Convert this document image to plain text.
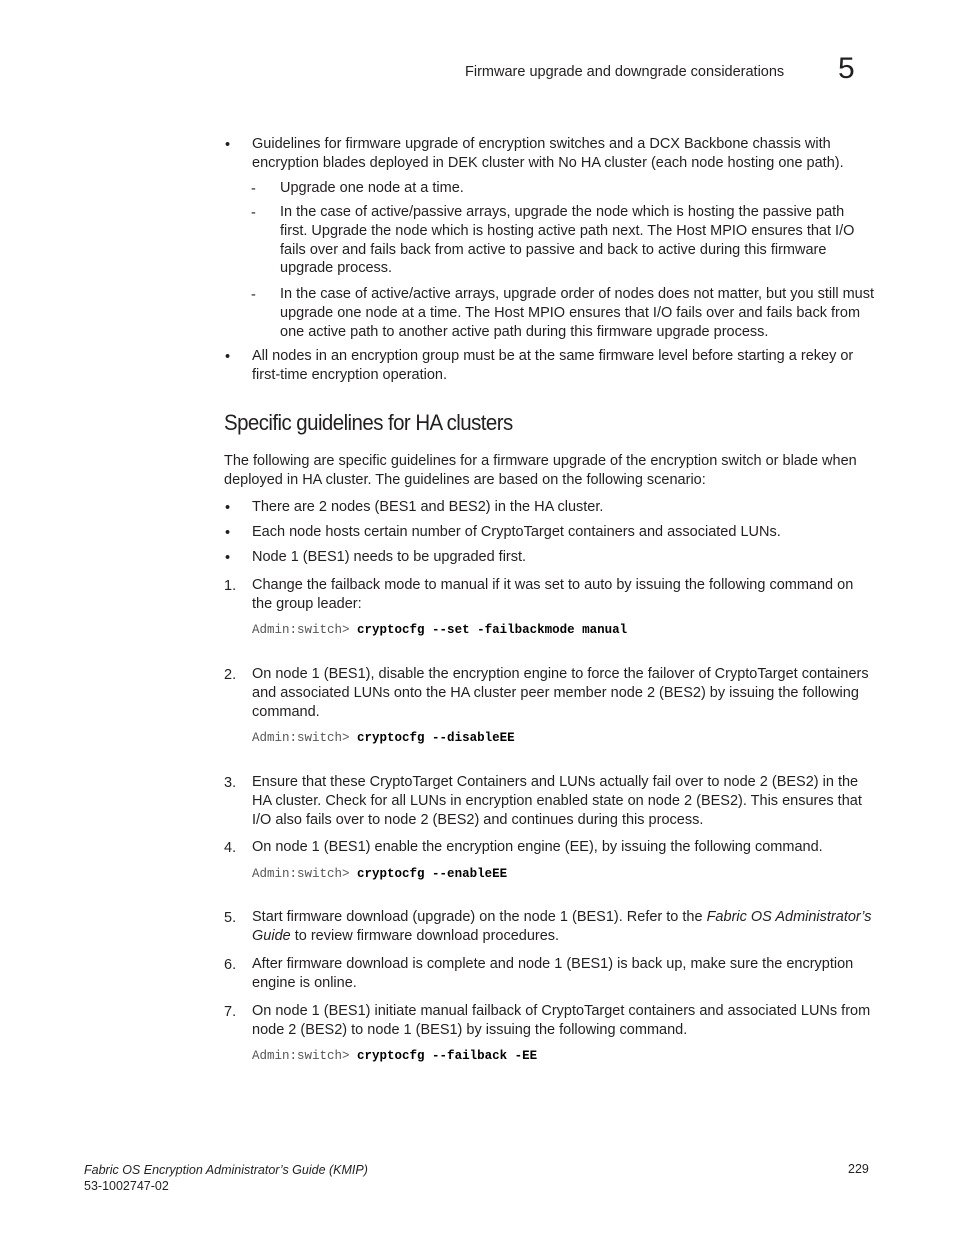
Firmware upgrade and downgrade considerations 5
• Guidelines for firmware upgrade of encryption switches and a DCX Backbone chassis with encryption blades deployed in DEK cluster with No HA cluster (each node hosting one path).
- Upgrade one node at a time.
- In the case of active/passive arrays, upgrade the node which is hosting the passive path first. Upgrade the node which is hosting active path next. The Host MPIO ensures that I/O fails over and fails back from active to passive and back to active during this firmware upgrade process.
- In the case of active/active arrays, upgrade order of nodes does not matter, but you still must upgrade one node at a time. The Host MPIO ensures that I/O fails over and fails back from one active path to another active path during this firmware upgrade process.
• All nodes in an encryption group must be at the same firmware level before starting a rekey or first-time encryption operation.
Specific guidelines for HA clusters
The following are specific guidelines for a firmware upgrade of the encryption switch or blade when deployed in HA cluster. The guidelines are based on the following scenario:
• There are 2 nodes (BES1 and BES2) in the HA cluster.
• Each node hosts certain number of CryptoTarget containers and associated LUNs.
• Node 1 (BES1) needs to be upgraded first.
1. Change the failback mode to manual if it was set to auto by issuing the following command on the group leader:
Admin:switch> cryptocfg --set -failbackmode manual
2. On node 1 (BES1), disable the encryption engine to force the failover of CryptoTarget containers and associated LUNs onto the HA cluster peer member node 2 (BES2) by issuing the following command.
Admin:switch> cryptocfg --disableEE
3. Ensure that these CryptoTarget Containers and LUNs actually fail over to node 2 (BES2) in the HA cluster. Check for all LUNs in encryption enabled state on node 2 (BES2). This ensures that I/O also fails over to node 2 (BES2) and continues during this process.
4. On node 1 (BES1) enable the encryption engine (EE), by issuing the following command.
Admin:switch> cryptocfg --enableEE
5. Start firmware download (upgrade) on the node 1 (BES1). Refer to the Fabric OS Administrator’s Guide to review firmware download procedures.
6. After firmware download is complete and node 1 (BES1) is back up, make sure the encryption engine is online.
7. On node 1 (BES1) initiate manual failback of CryptoTarget containers and associated LUNs from node 2 (BES2) to node 1 (BES1) by issuing the following command.
Admin:switch> cryptocfg --failback -EE
Fabric OS Encryption Administrator’s Guide (KMIP)
53-1002747-02
229
